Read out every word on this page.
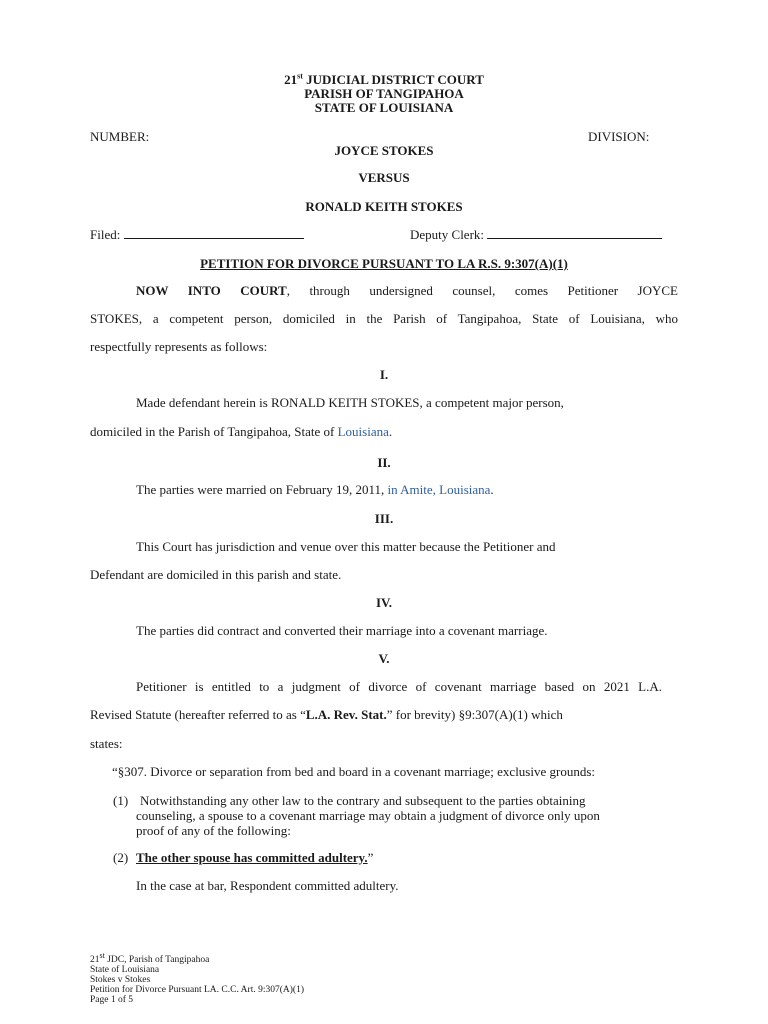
21st JUDICIAL DISTRICT COURT
PARISH OF TANGIPAHOA
STATE OF LOUISIANA
NUMBER:	DIVISION:
JOYCE STOKES
VERSUS
RONALD KEITH STOKES
Filed:	Deputy Clerk:
PETITION FOR DIVORCE PURSUANT TO LA R.S. 9:307(A)(1)
NOW INTO COURT, through undersigned counsel, comes Petitioner JOYCE
STOKES, a competent person, domiciled in the Parish of Tangipahoa, State of Louisiana, who
respectfully represents as follows:
I.
Made defendant herein is RONALD KEITH STOKES, a competent major person,
domiciled in the Parish of Tangipahoa, State of Louisiana.
II.
The parties were married on February 19, 2011, in Amite, Louisiana.
III.
This Court has jurisdiction and venue over this matter because the Petitioner and
Defendant are domiciled in this parish and state.
IV.
The parties did contract and converted their marriage into a covenant marriage.
V.
Petitioner is entitled to a judgment of divorce of covenant marriage based on 2021 L.A.
Revised Statute (hereafter referred to as “L.A. Rev. Stat.” for brevity) §9:307(A)(1) which
states:
“§307. Divorce or separation from bed and board in a covenant marriage; exclusive grounds:
(1) Notwithstanding any other law to the contrary and subsequent to the parties obtaining
counseling, a spouse to a covenant marriage may obtain a judgment of divorce only upon
proof of any of the following:
(2) The other spouse has committed adultery.”
In the case at bar, Respondent committed adultery.
21st JDC, Parish of Tangipahoa
State of Louisiana
Stokes v Stokes
Petition for Divorce Pursuant LA. C.C. Art. 9:307(A)(1)
Page 1 of 5
